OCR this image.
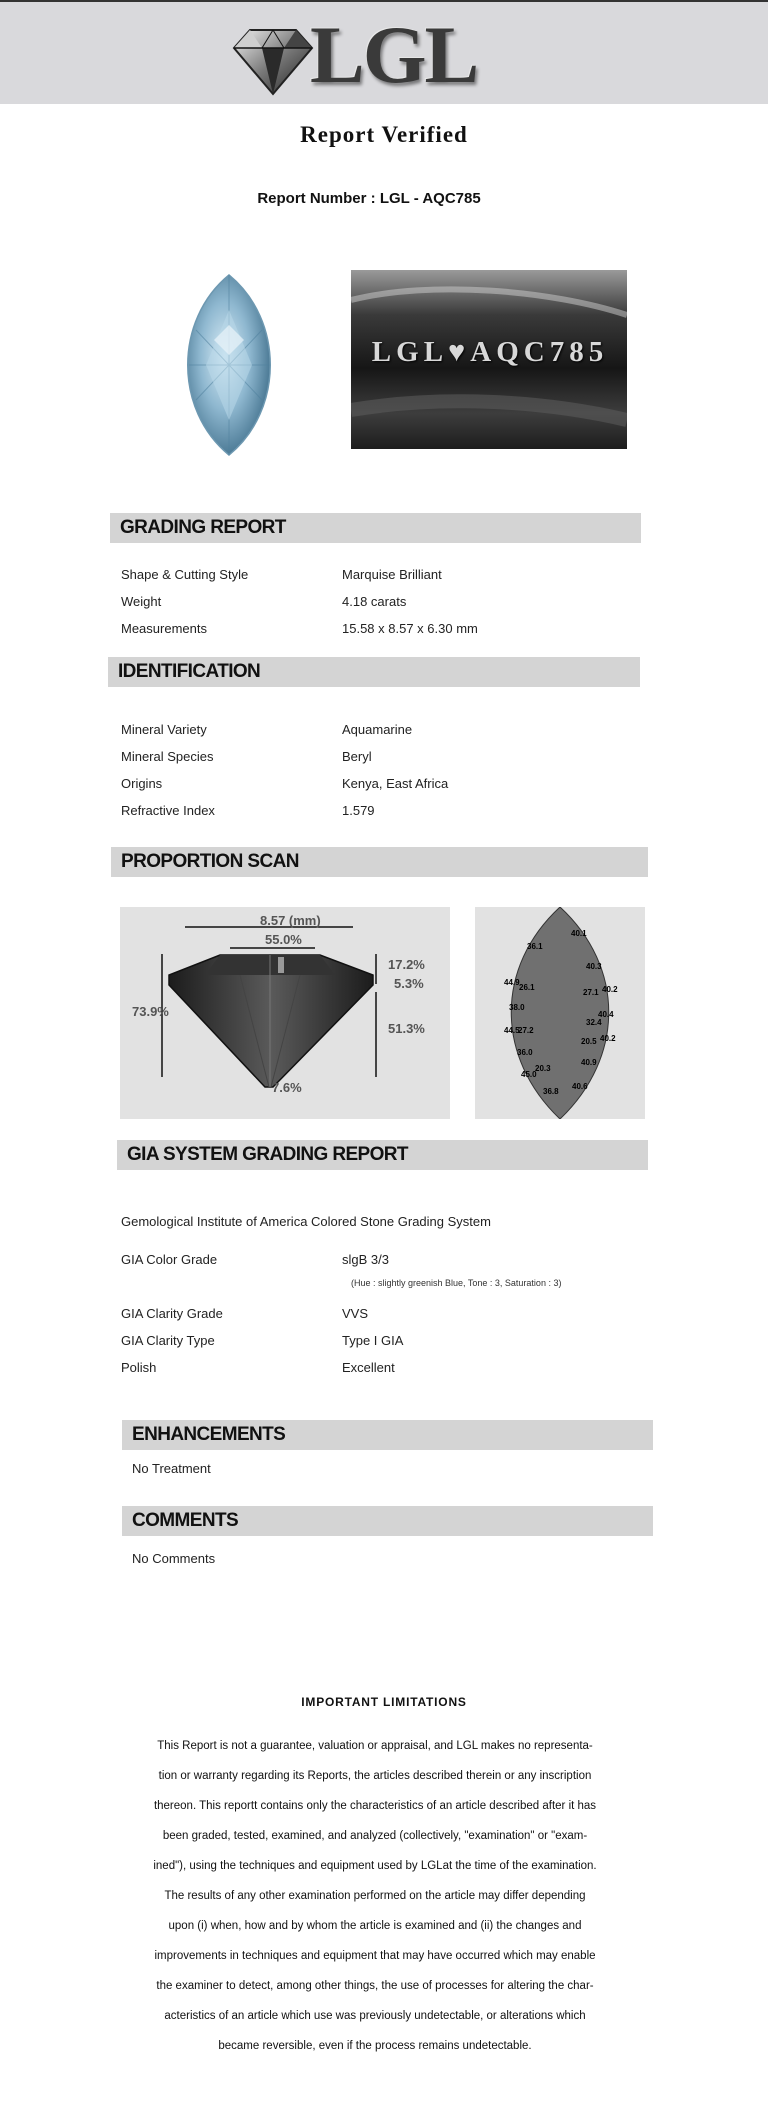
LGL
Report Verified
Report Number : LGL - AQC785
LGL♥AQC785
GRADING REPORT
Shape & Cutting Style	Marquise Brilliant
Weight	4.18 carats
Measurements	15.58 x 8.57 x 6.30 mm
IDENTIFICATION
Mineral Variety	Aquamarine
Mineral Species	Beryl
Origins	Kenya, East Africa
Refractive Index	1.579
PROPORTION SCAN
8.57 (mm)
55.0%
17.2%
5.3%
51.3%
73.9%
7.6%
40.1
36.1
40.3
44.9
26.1
27.1 40.2
38.0
40.4
32.4
44.5
27.2
20.5 40.2
36.0
40.9
20.3
45.0
36.8
40.6
GIA SYSTEM GRADING REPORT
Gemological Institute of America Colored Stone Grading System
GIA Color Grade	slgB 3/3
(Hue : slightly greenish Blue, Tone : 3, Saturation : 3)
GIA Clarity Grade	VVS
GIA Clarity Type	Type I GIA
Polish	Excellent
ENHANCEMENTS
No Treatment
COMMENTS
No Comments
IMPORTANT LIMITATIONS
This Report is not a guarantee, valuation or appraisal, and LGL makes no representa-
tion or warranty regarding its Reports, the articles described therein or any inscription
thereon. This reportt contains only the characteristics of an article described after it has
been graded, tested, examined, and analyzed (collectively, "examination" or "exam-
ined"), using the techniques and equipment used by LGLat the time of the examination.
The results of any other examination performed on the article may differ depending
upon (i) when, how and by whom the article is examined and (ii) the changes and
improvements in techniques and equipment that may have occurred which may enable
the examiner to detect, among other things, the use of processes for altering the char-
acteristics of an article which use was previously undetectable, or alterations which
became reversible, even if the process remains undetectable.
